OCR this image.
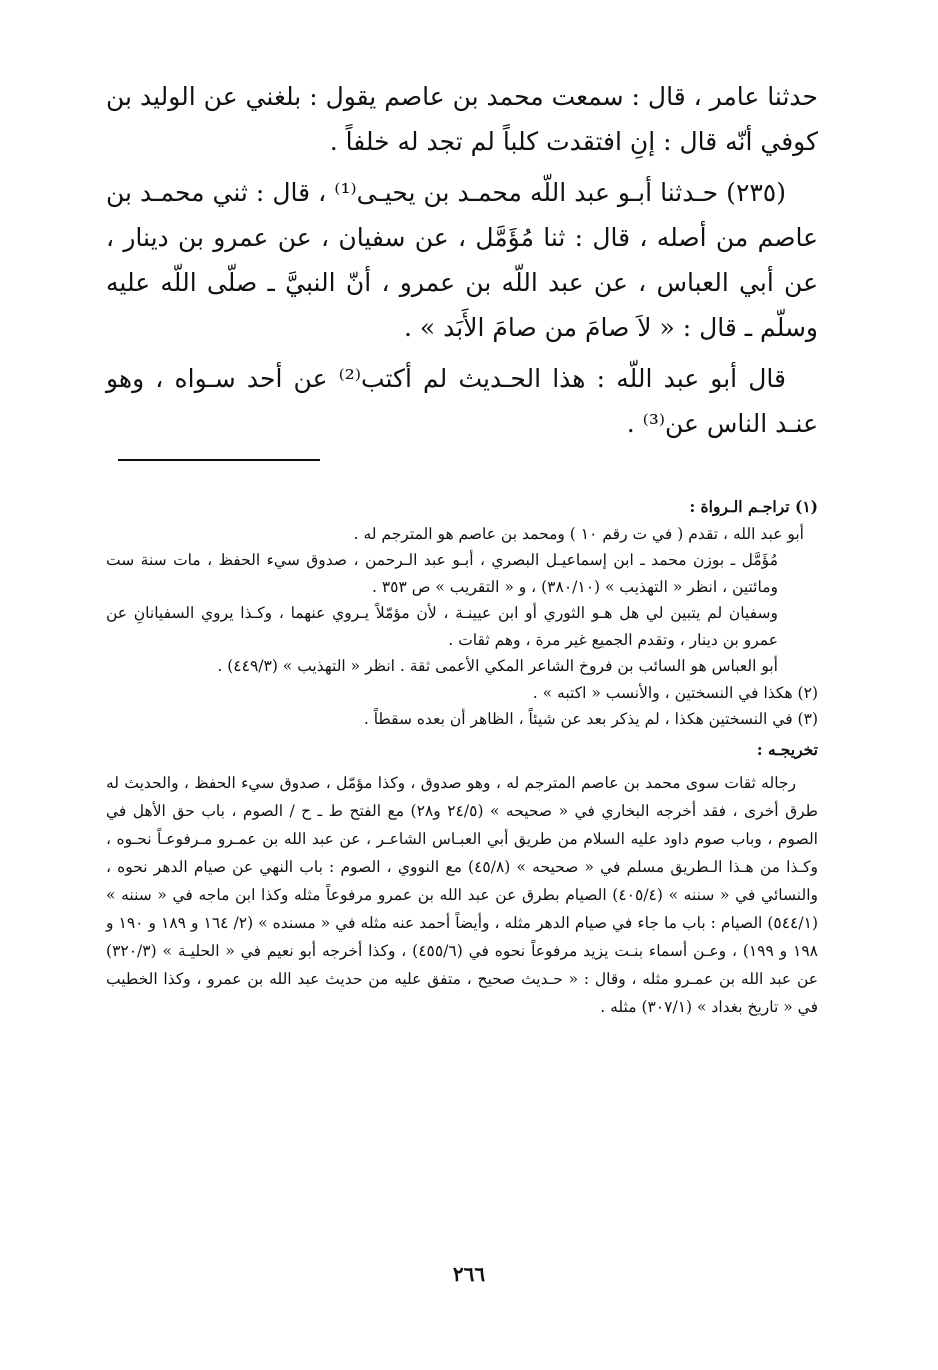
حدثنا عامر ، قال : سمعت محمد بن عاصم يقول : بلغني عن الوليد بن كوفي أنّه قال : إنِ افتقدت كلباً لم تجد له خلفاً .

(٢٣٥) حـدثنا أبـو عبد اللّه محمـد بن يحيـى⁽¹⁾ ، قال : ثني محمـد بن عاصم من أصله ، قال : ثنا مُؤَمَّل ، عن سفيان ، عن عمرو بن دينار ، عن أبي العباس ، عن عبد اللّه بن عمرو ، أنّ النبيَّ ـ صلّى اللّه عليه وسلّم ـ قال : « لاَ صامَ من صامَ الأَبَد » .

قال أبو عبد اللّه : هذا الحـديث لم أكتب⁽²⁾ عن أحد سـواه ، وهو عنـد الناس عن⁽³⁾ .

(١) تراجـم الـرواة :

أبو عبد الله ، تقدم ( في ت رقم ١٠ ) ومحمد بن عاصم هو المترجم له .

مُؤَمَّل ـ بوزن محمد ـ ابن إسماعيـل البصري ، أبـو عبد الـرحمن ، صدوق سيء الحفظ ، مات سنة ست ومائتين ، انظر « التهذيب » (٣٨٠/١٠) ، و « التقريب » ص ٣٥٣ .

وسفيان لم يتبين لي هل هـو الثوري أو ابن عيينـة ، لأن مؤمّلاً يـروي عنهما ، وكـذا يروي السفيانانِ عن عمرو بن دينار ، وتقدم الجميع غير مرة ، وهم ثقات .

أبو العباس هو السائب بن فروخ الشاعر المكي الأعمى ثقة . انظر « التهذيب » (٤٤٩/٣) .

(٢) هكذا في النسختين ، والأنسب « اكتبه » .

(٣) في النسختين هكذا ، لم يذكر بعد عن شيئاً ، الظاهر أن بعده سقطاً .

تخريجـه :

رجاله ثقات سوى محمد بن عاصم المترجم له ، وهو صدوق ، وكذا مؤمّل ، صدوق سيء الحفظ ، والحديث له طرق أخرى ، فقد أخرجه البخاري في « صحيحه » (٢٤/٥ و٢٨) مع الفتح ط ـ ح / الصوم ، باب حق الأهل في الصوم ، وباب صوم داود عليه السلام من طريق أبي العبـاس الشاعـر ، عن عبد الله بن عمـرو مـرفوعـاً نحـوه ، وكـذا من هـذا الـطريق مسلم في « صحيحه » (٤٥/٨) مع النووي ، الصوم : باب النهي عن صيام الدهر نحوه ، والنسائي في « سننه » (٤٠٥/٤) الصيام بطرق عن عبد الله بن عمرو مرفوعاً مثله وكذا ابن ماجه في « سننه » (٥٤٤/١) الصيام : باب ما جاء في صيام الدهر مثله ، وأيضاً أحمد عنه مثله في « مسنده » (٢/ ١٦٤ و ١٨٩ و ١٩٠ و ١٩٨ و ١٩٩) ، وعـن أسماء بنـت يزيد مرفوعاً نحوه في (٤٥٥/٦) ، وكذا أخرجه أبو نعيم في « الحليـة » (٣٢٠/٣) عن عبد الله بن عمـرو مثله ، وقال : « حـديث صحيح ، متفق عليه من حديث عبد الله بن عمرو ، وكذا الخطيب في « تاريخ بغداد » (٣٠٧/١) مثله .

٢٦٦
